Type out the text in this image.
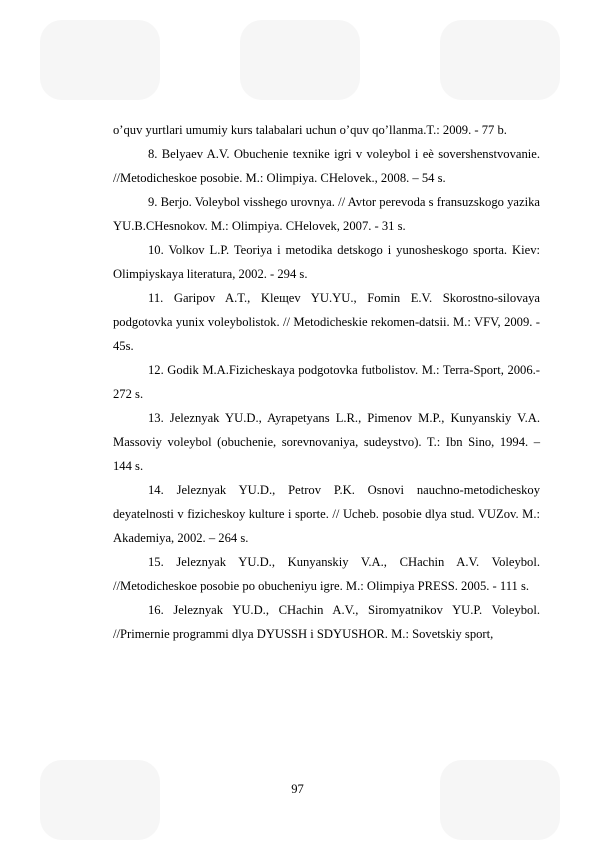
o’quv yurtlari umumiy kurs talabalari uchun o’quv qo’llanma.T.: 2009. - 77 b.

8. Belyaev A.V. Obuchenie texnike igri v voleybol i eè sovershenstvovanie. //Metodicheskoe posobie. M.: Olimpiya. CHelovek., 2008. – 54 s.

9. Berjo. Voleybol visshego urovnya. // Avtor perevoda s fransuzskogo yazika YU.B.CHesnokov. M.: Olimpiya. CHelovek, 2007. - 31 s.

10. Volkov L.P. Teoriya i metodika detskogo i yunosheskogo sporta. Kiev: Olimpiyskaya literatura, 2002. - 294 s.

11. Garipov A.T., Kleщev YU.YU., Fomin E.V. Skorostno-silovaya podgotovka yunix voleybolistok. // Metodicheskie rekomen-datsii. M.: VFV, 2009. - 45s.

12. Godik M.A.Fizicheskaya podgotovka futbolistov. M.: Terra-Sport, 2006.- 272 s.

13. Jeleznyak YU.D., Ayrapetyans L.R., Pimenov M.P., Kunyanskiy V.A. Massoviy voleybol (obuchenie, sorevnovaniya, sudeystvo). T.: Ibn Sino, 1994. – 144 s.

14. Jeleznyak YU.D., Petrov P.K. Osnovi nauchno-metodicheskoy deyatelnosti v fizicheskoy kulture i sporte. // Ucheb. posobie dlya stud. VUZov. M.: Akademiya, 2002. – 264 s.

15. Jeleznyak YU.D., Kunyanskiy V.A., CHachin A.V. Voleybol. //Metodicheskoe posobie po obucheniyu igre. M.: Olimpiya PRESS. 2005. - 111 s.

16. Jeleznyak YU.D., CHachin A.V., Siromyatnikov YU.P. Voleybol. //Primernie programmi dlya DYUSSH i SDYUSHOR. M.: Sovetskiy sport,

97
